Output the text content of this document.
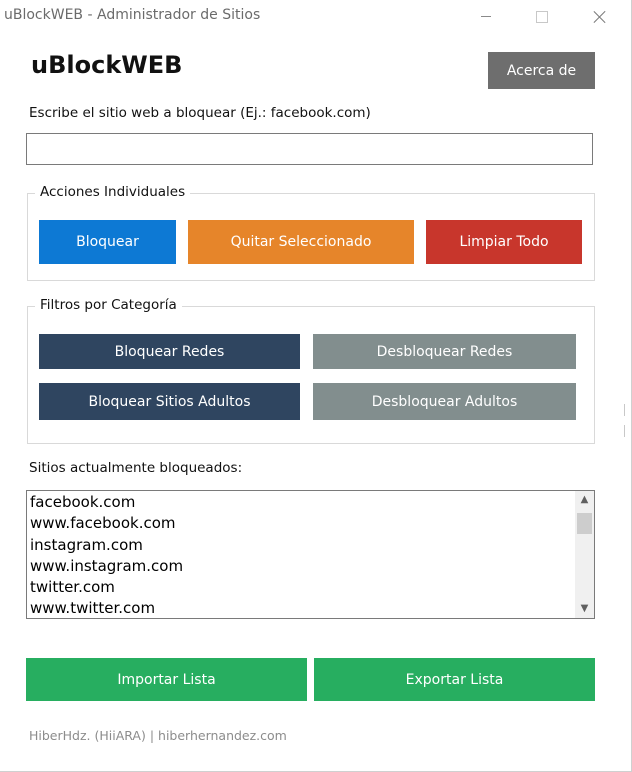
uBlockWEB - Administrador de Sitios
uBlockWEB	Acerca de
Escribe el sitio web a bloquear (Ej.: facebook.com)
Acciones Individuales
Bloquear	Quitar Seleccionado	Limpiar Todo
Filtros por Categoría
Bloquear Redes	Desbloquear Redes
Bloquear Sitios Adultos	Desbloquear Adultos
Sitios actualmente bloqueados:
facebook.com
www.facebook.com
instagram.com
www.instagram.com
twitter.com
www.twitter.com
▲
▼
Importar Lista	Exportar Lista
HiberHdz. (HiiARA) | hiberhernandez.com
